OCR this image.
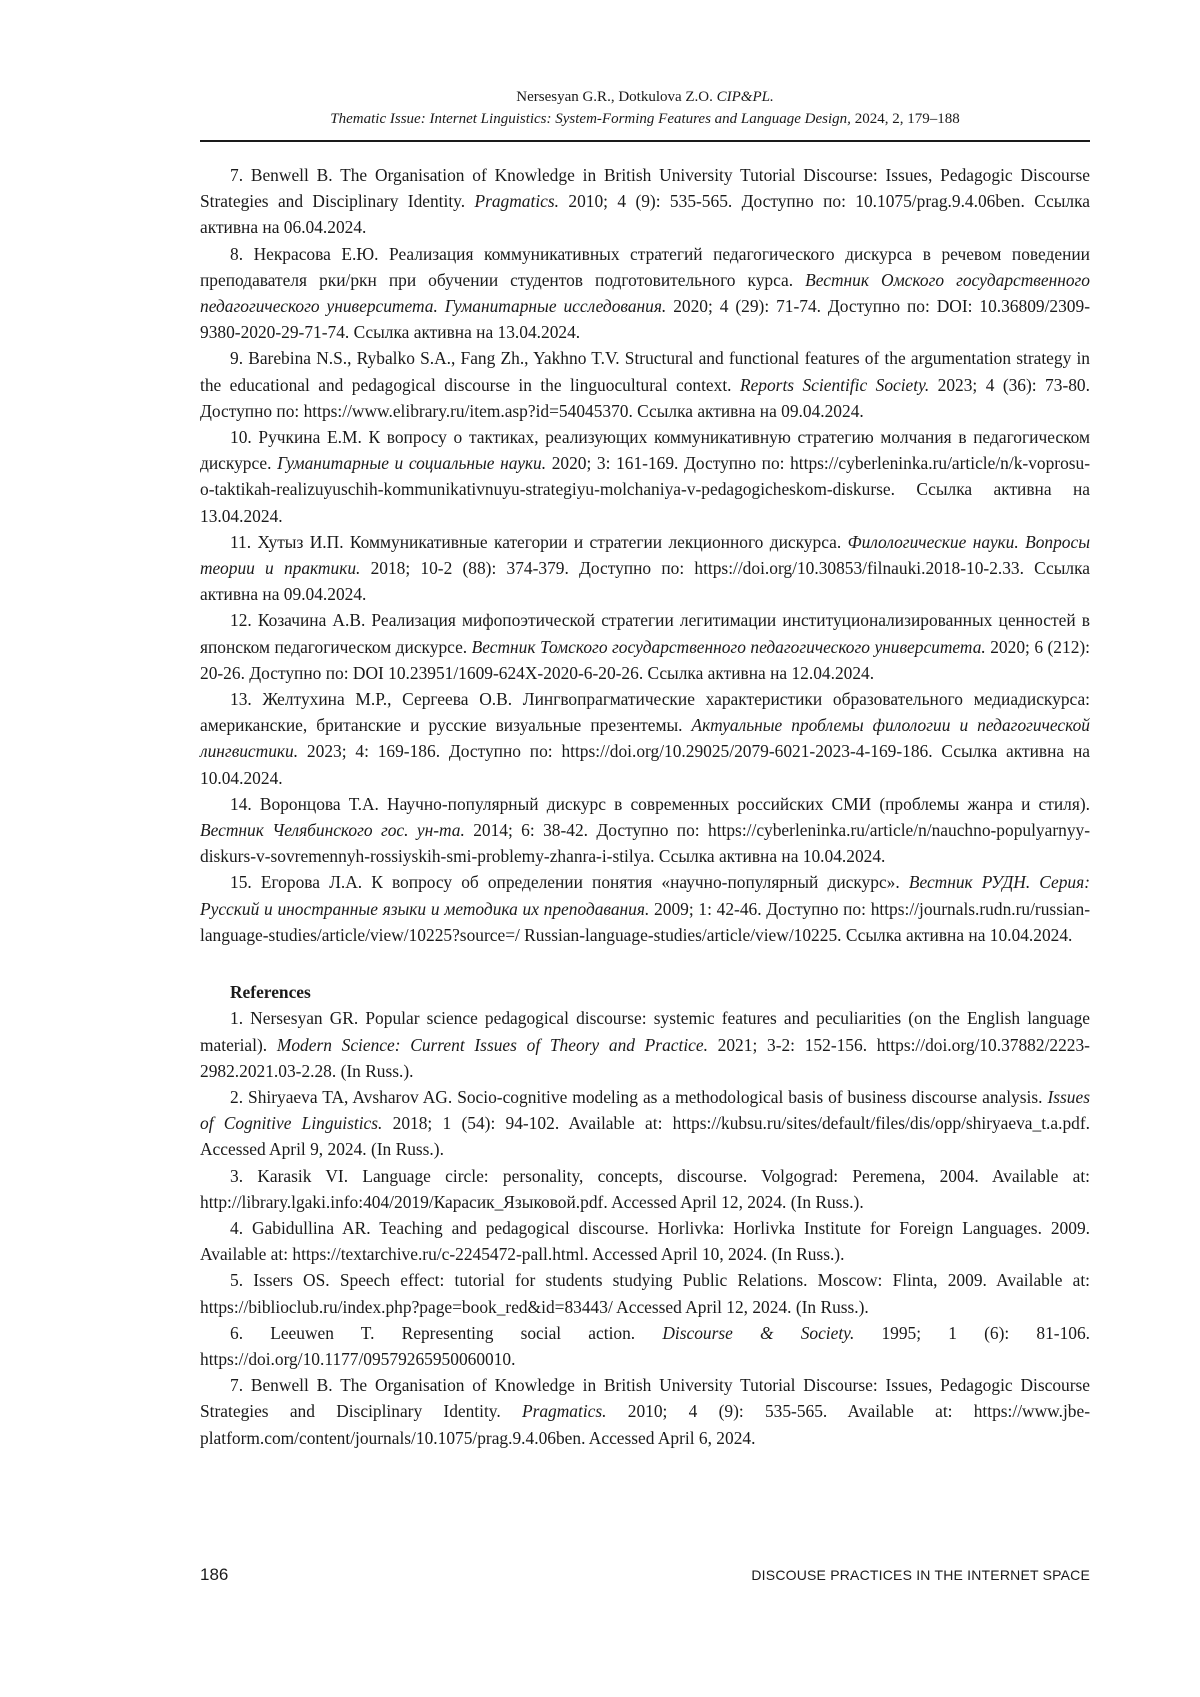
Nersesyan G.R., Dotkulova Z.O. CIP&PL.
Thematic Issue: Internet Linguistics: System-Forming Features and Language Design, 2024, 2, 179–188

7. Benwell B. The Organisation of Knowledge in British University Tutorial Discourse: Issues, Pedagogic Discourse Strategies and Disciplinary Identity. Pragmatics. 2010; 4 (9): 535-565. Доступно по: 10.1075/prag.9.4.06ben. Ссылка активна на 06.04.2024.

8. Некрасова Е.Ю. Реализация коммуникативных стратегий педагогического дискурса в речевом поведении преподавателя рки/ркн при обучении студентов подготовительного курса. Вестник Омского государственного педагогического университета. Гуманитарные исследования. 2020; 4 (29): 71-74. Доступно по: DOI: 10.36809/2309-9380-2020-29-71-74. Ссылка активна на 13.04.2024.

9. Barebina N.S., Rybalko S.A., Fang Zh., Yakhno T.V. Structural and functional features of the argumentation strategy in the educational and pedagogical discourse in the linguocultural context. Reports Scientific Society. 2023; 4 (36): 73-80. Доступно по: https://www.elibrary.ru/item.asp?id=54045370. Ссылка активна на 09.04.2024.

10. Ручкина Е.М. К вопросу о тактиках, реализующих коммуникативную стратегию молчания в педагогическом дискурсе. Гуманитарные и социальные науки. 2020; 3: 161-169. Доступно по: https://cyberleninka.ru/article/n/k-voprosu-o-taktikah-realizuyuschih-kommunikativnuyu-strategiyu-molchaniya-v-pedagogicheskom-diskurse. Ссылка активна на 13.04.2024.

11. Хутыз И.П. Коммуникативные категории и стратегии лекционного дискурса. Филологические науки. Вопросы теории и практики. 2018; 10-2 (88): 374-379. Доступно по: https://doi.org/10.30853/filnauki.2018-10-2.33. Ссылка активна на 09.04.2024.

12. Козачина А.В. Реализация мифопоэтической стратегии легитимации институционализированных ценностей в японском педагогическом дискурсе. Вестник Томского государственного педагогического университета. 2020; 6 (212): 20-26. Доступно по: DOI 10.23951/1609-624X-2020-6-20-26. Ссылка активна на 12.04.2024.

13. Желтухина М.Р., Сергеева О.В. Лингвопрагматические характеристики образовательного медиадискурса: американские, британские и русские визуальные презентемы. Актуальные проблемы филологии и педагогической лингвистики. 2023; 4: 169-186. Доступно по: https://doi.org/10.29025/2079-6021-2023-4-169-186. Ссылка активна на 10.04.2024.

14. Воронцова Т.А. Научно-популярный дискурс в современных российских СМИ (проблемы жанра и стиля). Вестник Челябинского гос. ун-та. 2014; 6: 38-42. Доступно по: https://cyberleninka.ru/article/n/nauchno-populyarnyy-diskurs-v-sovremennyh-rossiyskih-smi-problemy-zhanra-i-stilya. Ссылка активна на 10.04.2024.

15. Егорова Л.А. К вопросу об определении понятия «научно-популярный дискурс». Вестник РУДН. Серия: Русский и иностранные языки и методика их преподавания. 2009; 1: 42-46. Доступно по: https://journals.rudn.ru/russian-language-studies/article/view/10225?source=/ Russian-language-studies/article/view/10225. Ссылка активна на 10.04.2024.

References

1. Nersesyan GR. Popular science pedagogical discourse: systemic features and peculiarities (on the English language material). Modern Science: Current Issues of Theory and Practice. 2021; 3-2: 152-156. https://doi.org/10.37882/2223-2982.2021.03-2.28. (In Russ.).

2. Shiryaeva TA, Avsharov AG. Socio-cognitive modeling as a methodological basis of business discourse analysis. Issues of Cognitive Linguistics. 2018; 1 (54): 94-102. Available at: https://kubsu.ru/sites/default/files/dis/opp/shiryaeva_t.a.pdf. Accessed April 9, 2024. (In Russ.).

3. Karasik VI. Language circle: personality, concepts, discourse. Volgograd: Peremena, 2004. Available at: http://library.lgaki.info:404/2019/Карасик_Языковой.pdf. Accessed April 12, 2024. (In Russ.).

4. Gabidullina AR. Teaching and pedagogical discourse. Horlivka: Horlivka Institute for Foreign Languages. 2009. Available at: https://textarchive.ru/c-2245472-pall.html. Accessed April 10, 2024. (In Russ.).

5. Issers OS. Speech effect: tutorial for students studying Public Relations. Moscow: Flinta, 2009. Available at: https://biblioclub.ru/index.php?page=book_red&id=83443/ Accessed April 12, 2024. (In Russ.).

6. Leeuwen T. Representing social action. Discourse & Society. 1995; 1 (6): 81-106. https://doi.org/10.1177/09579265950060010.

7. Benwell B. The Organisation of Knowledge in British University Tutorial Discourse: Issues, Pedagogic Discourse Strategies and Disciplinary Identity. Pragmatics. 2010; 4 (9): 535-565. Available at: https://www.jbe-platform.com/content/journals/10.1075/prag.9.4.06ben. Accessed April 6, 2024.

186	DISCOUSE PRACTICES IN THE INTERNET SPACE
